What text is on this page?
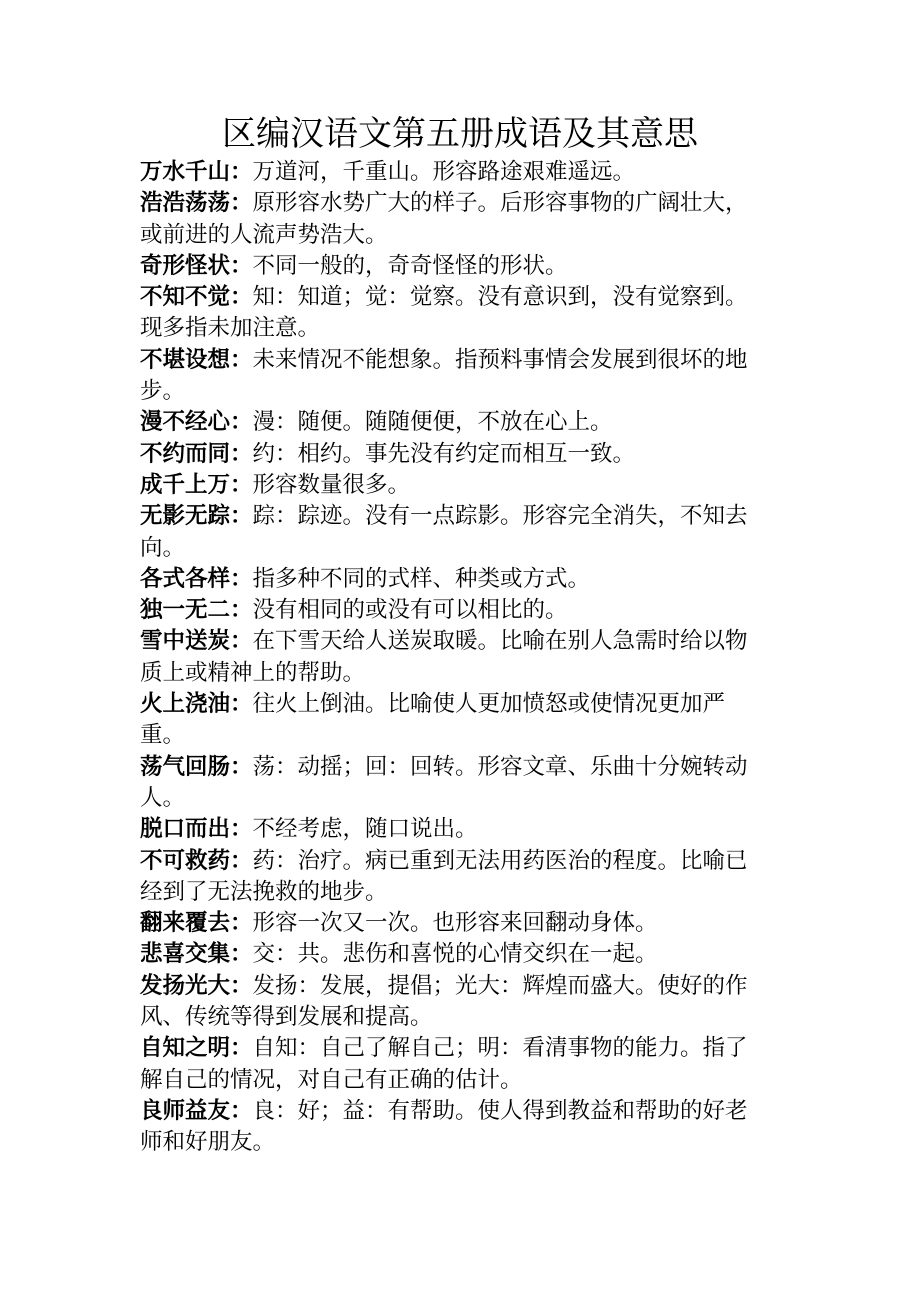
区编汉语文第五册成语及其意思

万水千山：万道河，千重山。形容路途艰难遥远。

浩浩荡荡：原形容水势广大的样子。后形容事物的广阔壮大，或前进的人流声势浩大。

奇形怪状：不同一般的，奇奇怪怪的形状。

不知不觉：知：知道；觉：觉察。没有意识到，没有觉察到。现多指未加注意。

不堪设想：未来情况不能想象。指预料事情会发展到很坏的地步。

漫不经心：漫：随便。随随便便，不放在心上。

不约而同：约：相约。事先没有约定而相互一致。

成千上万：形容数量很多。

无影无踪：踪：踪迹。没有一点踪影。形容完全消失，不知去向。

各式各样：指多种不同的式样、种类或方式。

独一无二：没有相同的或没有可以相比的。

雪中送炭：在下雪天给人送炭取暖。比喻在别人急需时给以物质上或精神上的帮助。

火上浇油：往火上倒油。比喻使人更加愤怒或使情况更加严重。

荡气回肠：荡：动摇；回：回转。形容文章、乐曲十分婉转动人。

脱口而出：不经考虑，随口说出。

不可救药：药：治疗。病已重到无法用药医治的程度。比喻已经到了无法挽救的地步。

翻来覆去：形容一次又一次。也形容来回翻动身体。

悲喜交集：交：共。悲伤和喜悦的心情交织在一起。

发扬光大：发扬：发展，提倡；光大：辉煌而盛大。使好的作风、传统等得到发展和提高。

自知之明：自知：自己了解自己；明：看清事物的能力。指了解自己的情况，对自己有正确的估计。

良师益友：良：好；益：有帮助。使人得到教益和帮助的好老师和好朋友。
